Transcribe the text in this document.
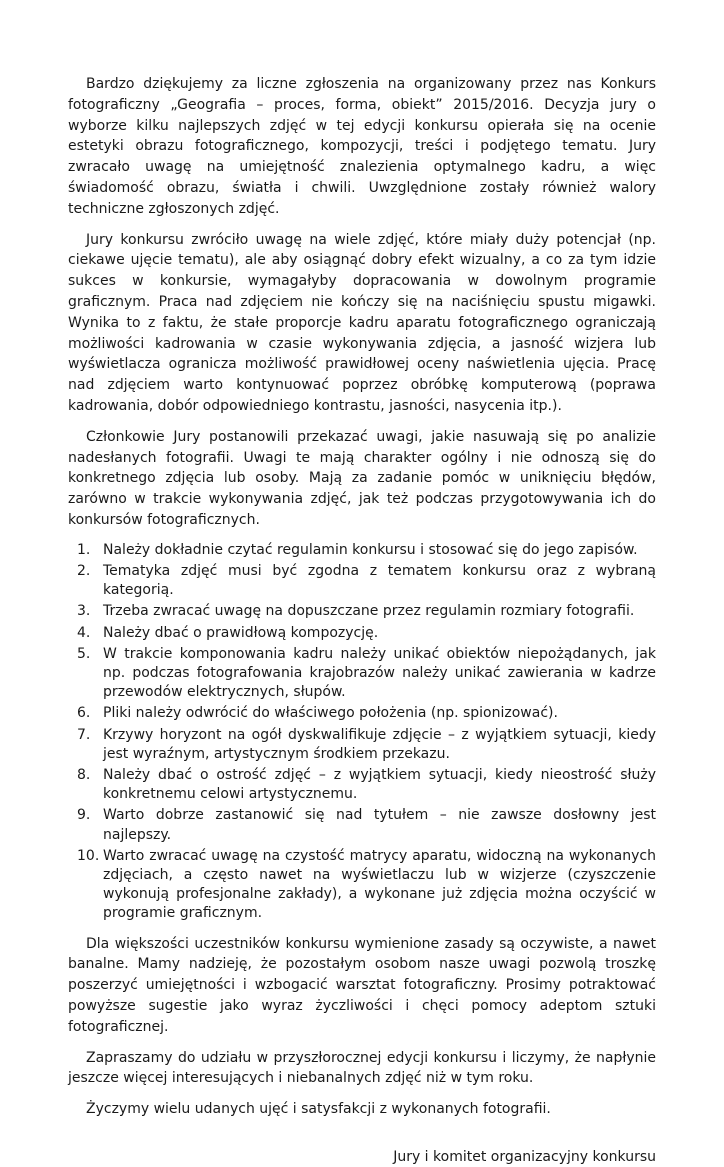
Bardzo dziękujemy za liczne zgłoszenia na organizowany przez nas Konkurs fotograficzny „Geografia – proces, forma, obiekt” 2015/2016. Decyzja jury o wyborze kilku najlepszych zdjęć w tej edycji konkursu opierała się na ocenie estetyki obrazu fotograficznego, kompozycji, treści i podjętego tematu. Jury zwracało uwagę na umiejętność znalezienia optymalnego kadru, a więc świadomość obrazu, światła i chwili. Uwzględnione zostały również walory techniczne zgłoszonych zdjęć.

Jury konkursu zwróciło uwagę na wiele zdjęć, które miały duży potencjał (np. ciekawe ujęcie tematu), ale aby osiągnąć dobry efekt wizualny, a co za tym idzie sukces w konkursie, wymagałyby dopracowania w dowolnym programie graficznym. Praca nad zdjęciem nie kończy się na naciśnięciu spustu migawki. Wynika to z faktu, że stałe proporcje kadru aparatu fotograficznego ograniczają możliwości kadrowania w czasie wykonywania zdjęcia, a jasność wizjera lub wyświetlacza ogranicza możliwość prawidłowej oceny naświetlenia ujęcia. Pracę nad zdjęciem warto kontynuować poprzez obróbkę komputerową (poprawa kadrowania, dobór odpowiedniego kontrastu, jasności, nasycenia itp.).

Członkowie Jury postanowili przekazać uwagi, jakie nasuwają się po analizie nadesłanych fotografii. Uwagi te mają charakter ogólny i nie odnoszą się do konkretnego zdjęcia lub osoby. Mają za zadanie pomóc w uniknięciu błędów, zarówno w trakcie wykonywania zdjęć, jak też podczas przygotowywania ich do konkursów fotograficznych.

1. Należy dokładnie czytać regulamin konkursu i stosować się do jego zapisów.
2. Tematyka zdjęć musi być zgodna z tematem konkursu oraz z wybraną kategorią.
3. Trzeba zwracać uwagę na dopuszczane przez regulamin rozmiary fotografii.
4. Należy dbać o prawidłową kompozycję.
5. W trakcie komponowania kadru należy unikać obiektów niepożądanych, jak np. podczas fotografowania krajobrazów należy unikać zawierania w kadrze przewodów elektrycznych, słupów.
6. Pliki należy odwrócić do właściwego położenia (np. spionizować).
7. Krzywy horyzont na ogół dyskwalifikuje zdjęcie – z wyjątkiem sytuacji, kiedy jest wyraźnym, artystycznym środkiem przekazu.
8. Należy dbać o ostrość zdjęć – z wyjątkiem sytuacji, kiedy nieostrość służy konkretnemu celowi artystycznemu.
9. Warto dobrze zastanowić się nad tytułem – nie zawsze dosłowny jest najlepszy.
10. Warto zwracać uwagę na czystość matrycy aparatu, widoczną na wykonanych zdjęciach, a często nawet na wyświetlaczu lub w wizjerze (czyszczenie wykonują profesjonalne zakłady), a wykonane już zdjęcia można oczyścić w programie graficznym.

Dla większości uczestników konkursu wymienione zasady są oczywiste, a nawet banalne. Mamy nadzieję, że pozostałym osobom nasze uwagi pozwolą troszkę poszerzyć umiejętności i wzbogacić warsztat fotograficzny. Prosimy potraktować powyższe sugestie jako wyraz życzliwości i chęci pomocy adeptom sztuki fotograficznej.

Zapraszamy do udziału w przyszłorocznej edycji konkursu i liczymy, że napłynie jeszcze więcej interesujących i niebanalnych zdjęć niż w tym roku.

Życzymy wielu udanych ujęć i satysfakcji z wykonanych fotografii.

Jury i komitet organizacyjny konkursu
